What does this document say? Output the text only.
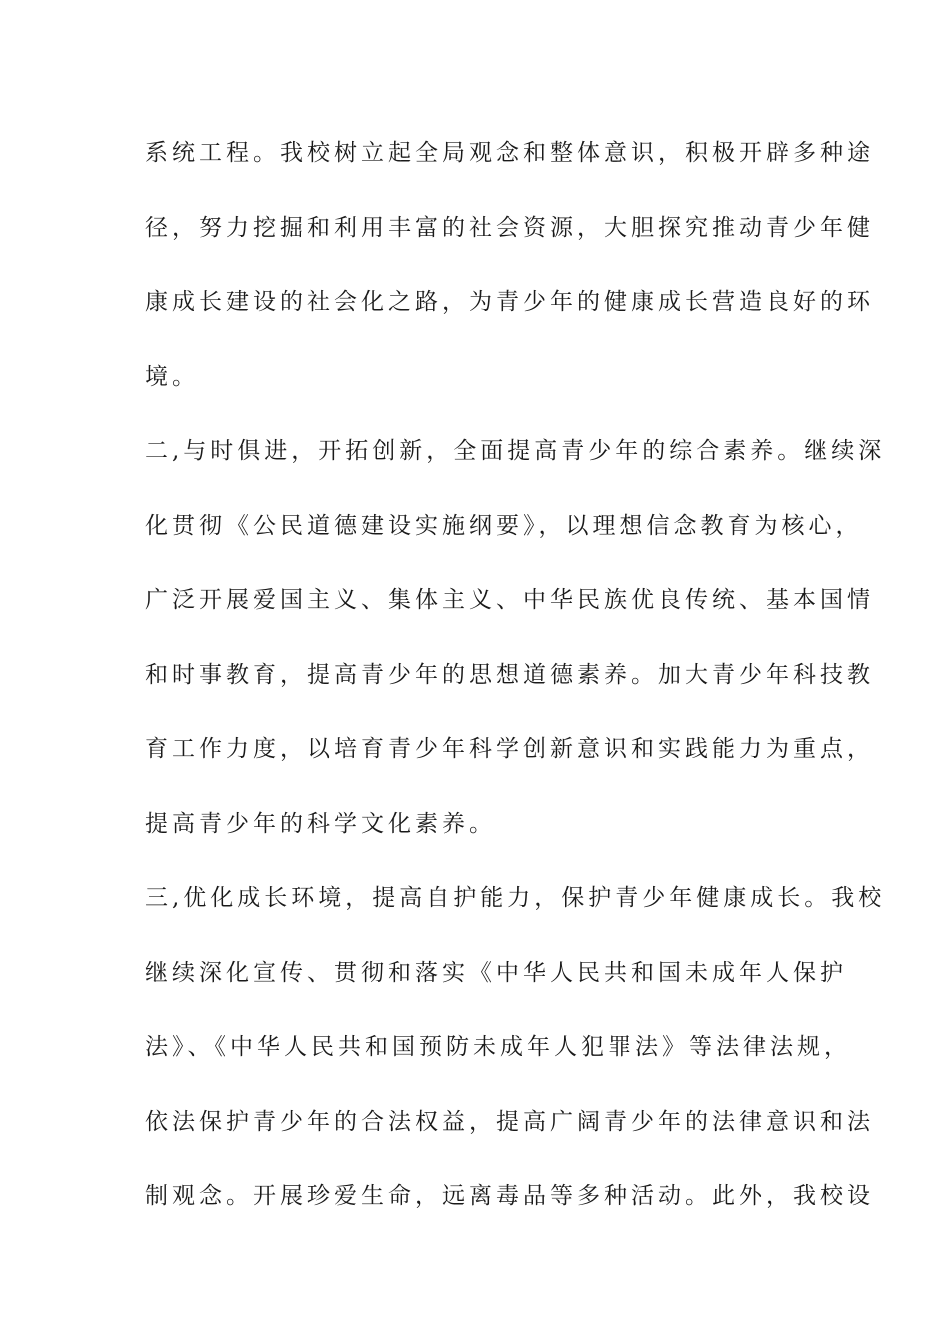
系统工程。我校树立起全局观念和整体意识，积极开辟多种途
径，努力挖掘和利用丰富的社会资源，大胆探究推动青少年健
康成长建设的社会化之路，为青少年的健康成长营造良好的环
境。
二,与时俱进，开拓创新，全面提高青少年的综合素养。继续深
化贯彻《公民道德建设实施纲要》，以理想信念教育为核心，
广泛开展爱国主义、集体主义、中华民族优良传统、基本国情
和时事教育，提高青少年的思想道德素养。加大青少年科技教
育工作力度，以培育青少年科学创新意识和实践能力为重点，
提高青少年的科学文化素养。
三,优化成长环境，提高自护能力，保护青少年健康成长。我校
继续深化宣传、贯彻和落实《中华人民共和国未成年人保护
法》、《中华人民共和国预防未成年人犯罪法》等法律法规，
依法保护青少年的合法权益，提高广阔青少年的法律意识和法
制观念。开展珍爱生命，远离毒品等多种活动。此外，我校设
